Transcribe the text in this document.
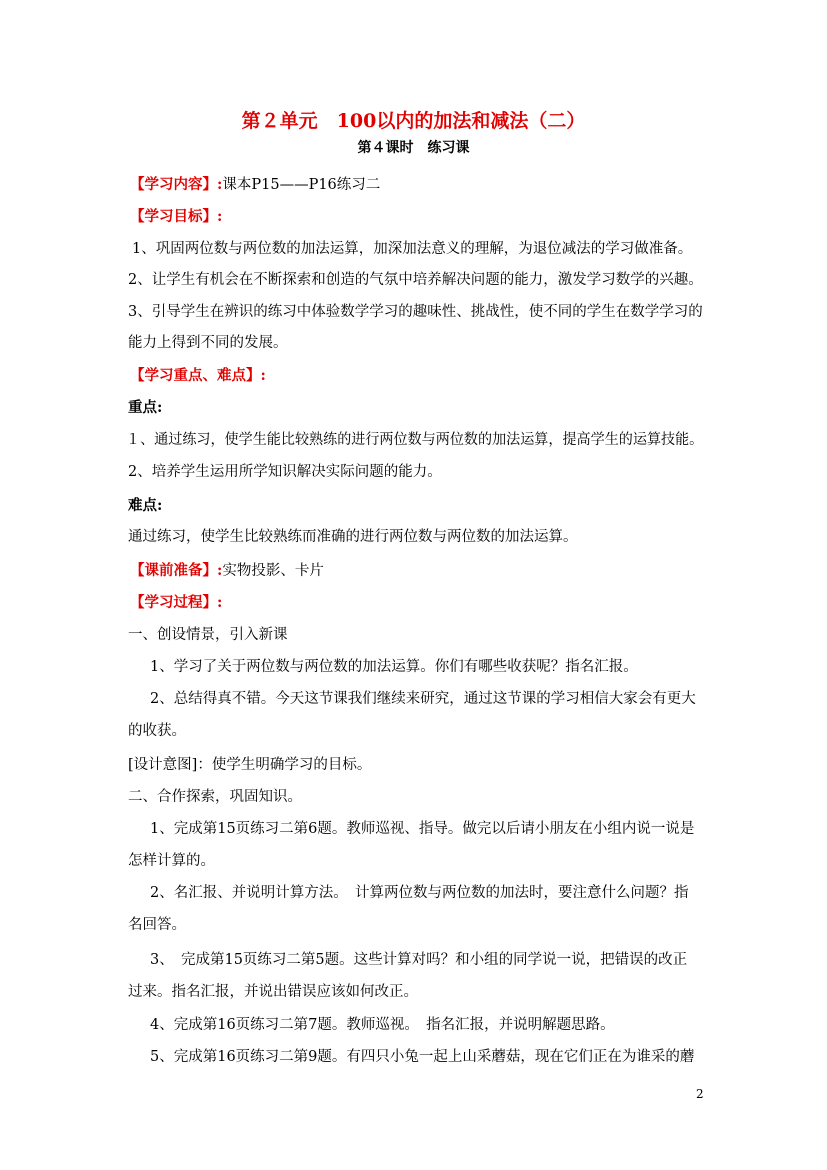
第２单元　100以内的加法和减法（二）
第４课时　练习课
【学习内容】:课本P15——P16练习二
【学习目标】:
1、巩固两位数与两位数的加法运算，加深加法意义的理解，为退位减法的学习做准备。
2、让学生有机会在不断探索和创造的气氛中培养解决问题的能力，激发学习数学的兴趣。
3、引导学生在辨识的练习中体验数学学习的趣味性、挑战性，使不同的学生在数学学习的
能力上得到不同的发展。
【学习重点、难点】:
重点:
１、通过练习，使学生能比较熟练的进行两位数与两位数的加法运算，提高学生的运算技能。
2、培养学生运用所学知识解决实际问题的能力。
难点:
通过练习，使学生比较熟练而准确的进行两位数与两位数的加法运算。
【课前准备】:实物投影、卡片
【学习过程】:
一、创设情景，引入新课
1、学习了关于两位数与两位数的加法运算。你们有哪些收获呢？指名汇报。
2、总结得真不错。今天这节课我们继续来研究，通过这节课的学习相信大家会有更大
的收获。
[设计意图]：使学生明确学习的目标。
二、合作探索，巩固知识。
1、完成第15页练习二第6题。教师巡视、指导。做完以后请小朋友在小组内说一说是
怎样计算的。
2、名汇报、并说明计算方法。　计算两位数与两位数的加法时，要注意什么问题？指
名回答。
3、　完成第15页练习二第5题。这些计算对吗？和小组的同学说一说，把错误的改正
过来。指名汇报，并说出错误应该如何改正。
4、完成第16页练习二第7题。教师巡视。　指名汇报，并说明解题思路。
5、完成第16页练习二第9题。有四只小兔一起上山采蘑菇，现在它们正在为谁采的蘑
2
